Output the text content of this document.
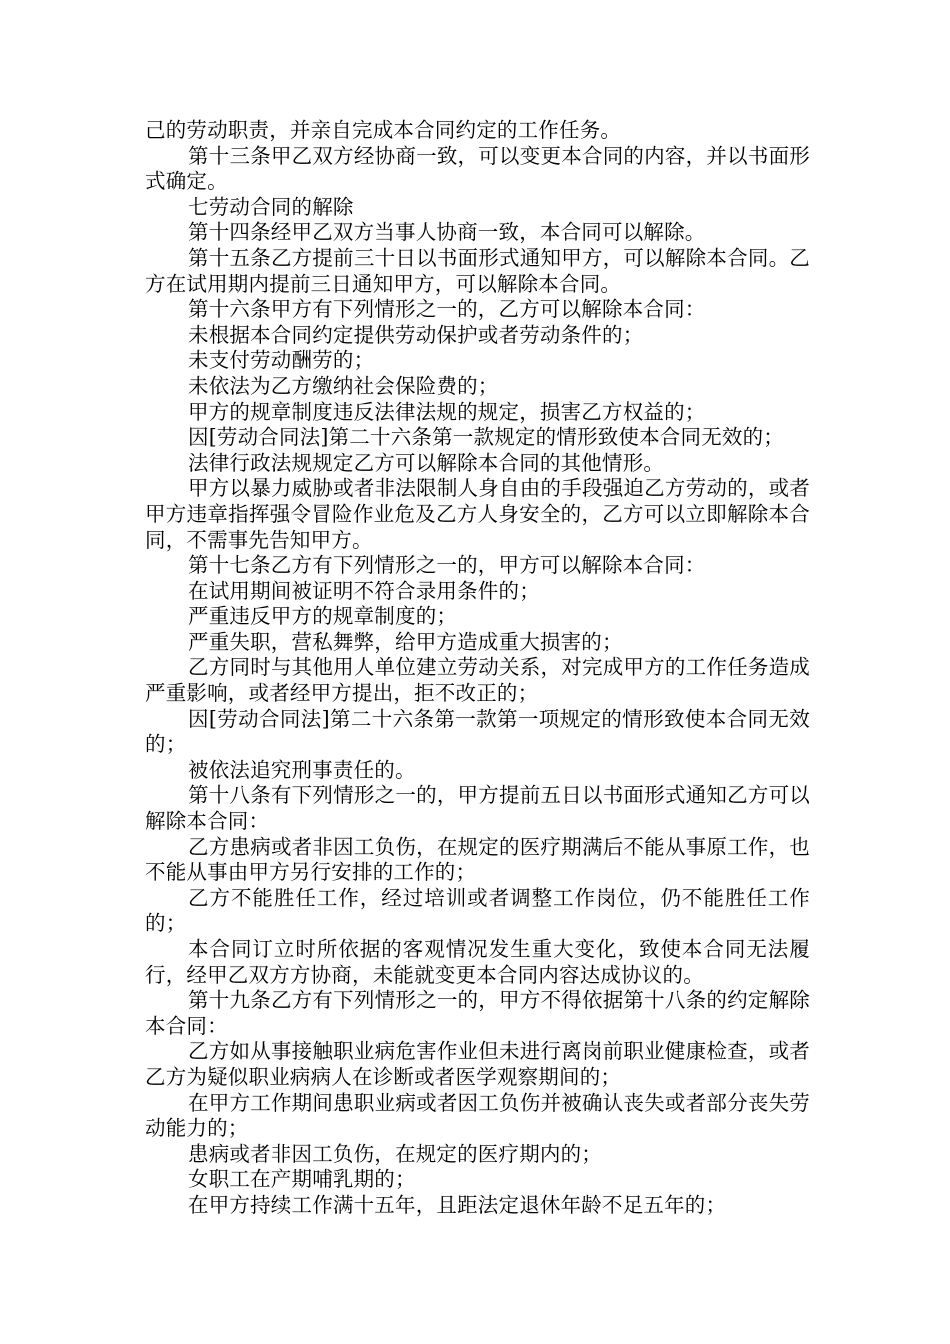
己的劳动职责，并亲自完成本合同约定的工作任务。

第十三条甲乙双方经协商一致，可以变更本合同的内容，并以书面形式确定。

七劳动合同的解除

第十四条经甲乙双方当事人协商一致，本合同可以解除。

第十五条乙方提前三十日以书面形式通知甲方，可以解除本合同。乙方在试用期内提前三日通知甲方，可以解除本合同。

第十六条甲方有下列情形之一的，乙方可以解除本合同：

未根据本合同约定提供劳动保护或者劳动条件的；

未支付劳动酬劳的；

未依法为乙方缴纳社会保险费的；

甲方的规章制度违反法律法规的规定，损害乙方权益的；

因[劳动合同法]第二十六条第一款规定的情形致使本合同无效的；

法律行政法规规定乙方可以解除本合同的其他情形。

甲方以暴力威胁或者非法限制人身自由的手段强迫乙方劳动的，或者甲方违章指挥强令冒险作业危及乙方人身安全的，乙方可以立即解除本合同，不需事先告知甲方。

第十七条乙方有下列情形之一的，甲方可以解除本合同：

在试用期间被证明不符合录用条件的；

严重违反甲方的规章制度的；

严重失职，营私舞弊，给甲方造成重大损害的；

乙方同时与其他用人单位建立劳动关系，对完成甲方的工作任务造成严重影响，或者经甲方提出，拒不改正的；

因[劳动合同法]第二十六条第一款第一项规定的情形致使本合同无效的；

被依法追究刑事责任的。

第十八条有下列情形之一的，甲方提前五日以书面形式通知乙方可以解除本合同：

乙方患病或者非因工负伤，在规定的医疗期满后不能从事原工作，也不能从事由甲方另行安排的工作的；

乙方不能胜任工作，经过培训或者调整工作岗位，仍不能胜任工作的；

本合同订立时所依据的客观情况发生重大变化，致使本合同无法履行，经甲乙双方方协商，未能就变更本合同内容达成协议的。

第十九条乙方有下列情形之一的，甲方不得依据第十八条的约定解除本合同：

乙方如从事接触职业病危害作业但未进行离岗前职业健康检查，或者乙方为疑似职业病病人在诊断或者医学观察期间的；

在甲方工作期间患职业病或者因工负伤并被确认丧失或者部分丧失劳动能力的；

患病或者非因工负伤，在规定的医疗期内的；

女职工在产期哺乳期的；

在甲方持续工作满十五年，且距法定退休年龄不足五年的；
